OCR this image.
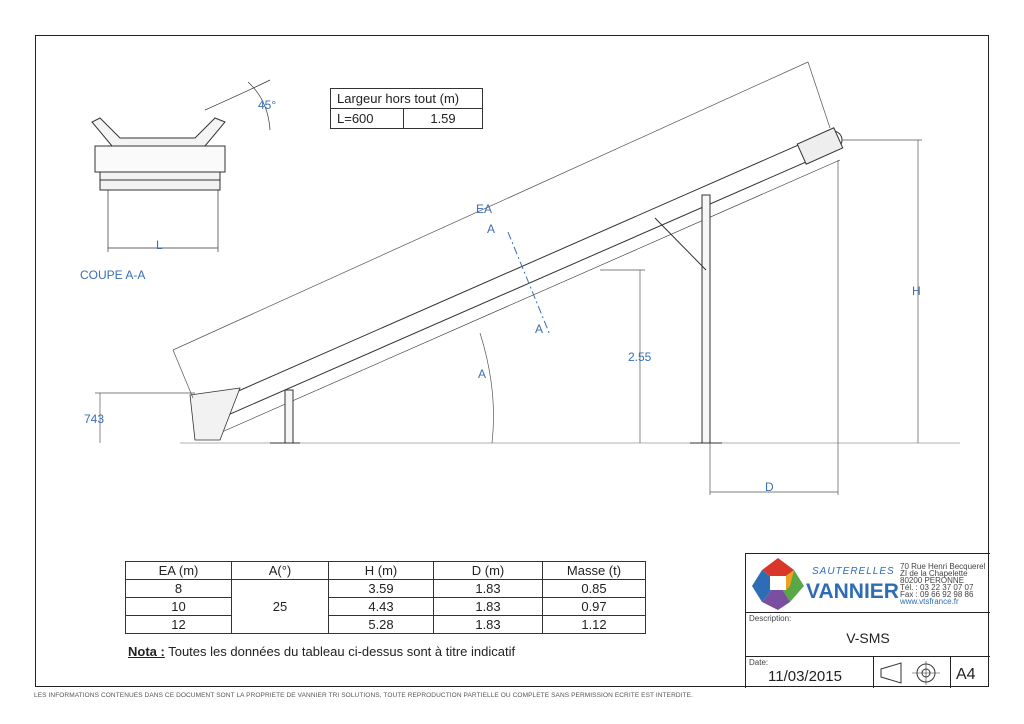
COUPE A-A
45°
L
Largeur hors tout (m)
L=600	1.59
EA
A
A
A
H
D
2.55
743
EA (m)	A(°)	H (m)	D (m)	Masse (t)
8	25	3.59	1.83	0.85
10		4.43	1.83	0.97
12		5.28	1.83	1.12
Nota : Toutes les données du tableau ci-dessus sont à titre indicatif
SAUTERELLES
VANNIER
70 Rue Henri Becquerel
ZI de la Chapelette
80200 PERONNE
Tél. : 03 22 37 07 07
Fax : 09 66 92 98 86
www.vtsfrance.fr
Description:
V-SMS
Date:
11/03/2015	A4
LES INFORMATIONS CONTENUES DANS CE DOCUMENT SONT LA PROPRIETE DE VANNIER TRI SOLUTIONS, TOUTE REPRODUCTION PARTIELLE OU COMPLETE SANS PERMISSION ECRITE EST INTERDITE.
